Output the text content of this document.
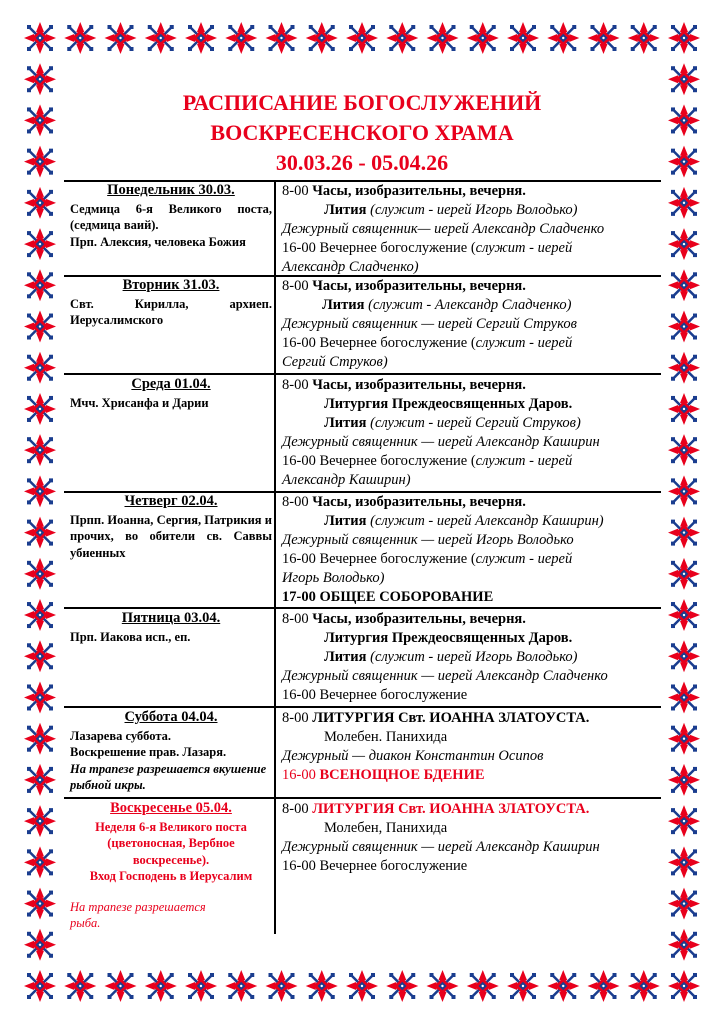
РАСПИСАНИЕ БОГОСЛУЖЕНИЙ
ВОСКРЕСЕНСКОГО ХРАМА
30.03.26 - 05.04.26
Понедельник 30.03.
Седмица 6-я Великого поста, (седмица ваий).
Прп. Алексия, человека Божия
8-00 Часы, изобразительны, вечерня.
Лития (служит - иерей Игорь Володько)
Дежурный священник— иерей Александр Сладченко
16-00 Вечернее богослужение (служит - иерей
Александр Сладченко)
Вторник 31.03.
Свт. Кирилла, архиеп. Иерусалимского
8-00 Часы, изобразительны, вечерня.
Лития (служит - Александр Сладченко)
Дежурный священник — иерей Сергий Струков
16-00 Вечернее богослужение (служит - иерей
Сергий Струков)
Среда 01.04.
Мчч. Хрисанфа и Дарии
8-00 Часы, изобразительны, вечерня.
Литургия Преждеосвященных Даров.
Лития (служит - иерей Сергий Струков)
Дежурный священник — иерей Александр Каширин
16-00 Вечернее богослужение (служит - иерей
Александр Каширин)
Четверг 02.04.
Прпп. Иоанна, Сергия, Патрикия и прочих, во обители св. Саввы убиенных
8-00 Часы, изобразительны, вечерня.
Лития (служит - иерей Александр Каширин)
Дежурный священник — иерей Игорь Володько
16-00 Вечернее богослужение (служит - иерей
Игорь Володько)
17-00 ОБЩЕЕ СОБОРОВАНИЕ
Пятница 03.04.
Прп. Иакова исп., еп.
8-00 Часы, изобразительны, вечерня.
Литургия Преждеосвященных Даров.
Лития (служит - иерей Игорь Володько)
Дежурный священник — иерей Александр Сладченко
16-00 Вечернее богослужение
Суббота 04.04.
Лазарева суббота.
Воскрешение прав. Лазаря.
На трапезе разрешается вкушение рыбной икры.
8-00 ЛИТУРГИЯ Свт. ИОАННА ЗЛАТОУСТА.
Молебен. Панихида
Дежурный — диакон Константин Осипов
16-00 ВСЕНОЩНОЕ БДЕНИЕ
Воскресенье 05.04.
Неделя 6-я Великого поста (цветоносная, Вербное воскресенье).
Вход Господень в Иерусалим
На трапезе разрешается рыба.
8-00 ЛИТУРГИЯ Свт. ИОАННА ЗЛАТОУСТА.
Молебен, Панихида
Дежурный священник — иерей Александр Каширин
16-00 Вечернее богослужение
